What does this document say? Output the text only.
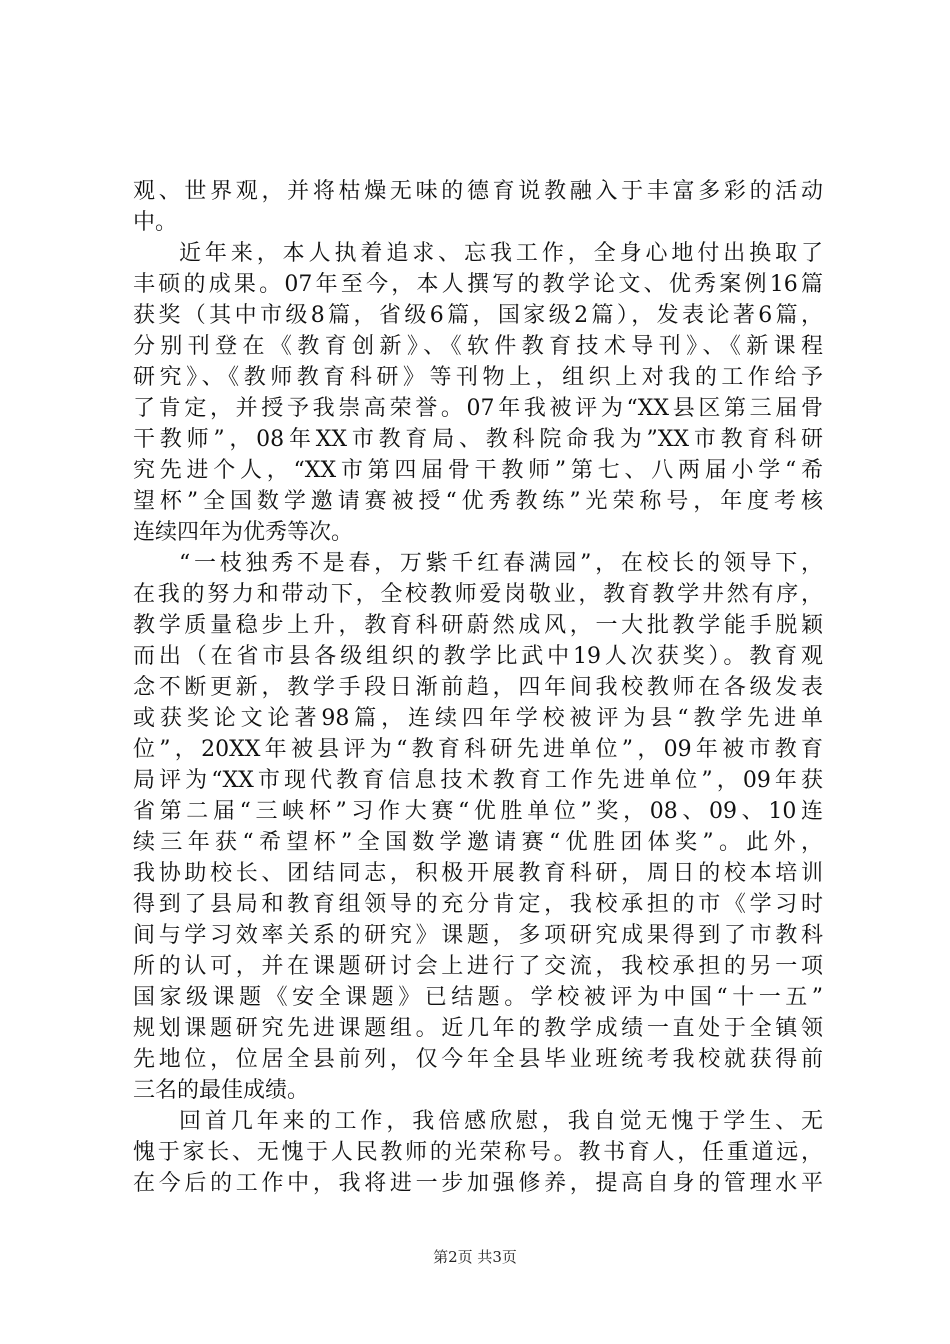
观、世界观，并将枯燥无味的德育说教融入于丰富多彩的活动
中。
近年来，本人执着追求、忘我工作，全身心地付出换取了
丰硕的成果。07年至今，本人撰写的教学论文、优秀案例16篇
获奖（其中市级8篇，省级6篇，国家级2篇），发表论著6篇，
分别刊登在《教育创新》、《软件教育技术导刊》、《新课程
研究》、《教师教育科研》等刊物上，组织上对我的工作给予
了肯定，并授予我崇高荣誉。07年我被评为“XX县区第三届骨
干教师”，08年XX市教育局、教科院命我为”XX市教育科研
究先进个人，“XX市第四届骨干教师”第七、八两届小学“希
望杯”全国数学邀请赛被授“优秀教练”光荣称号，年度考核
连续四年为优秀等次。
“一枝独秀不是春，万紫千红春满园”，在校长的领导下，
在我的努力和带动下，全校教师爱岗敬业，教育教学井然有序，
教学质量稳步上升，教育科研蔚然成风，一大批教学能手脱颖
而出（在省市县各级组织的教学比武中19人次获奖）。教育观
念不断更新，教学手段日渐前趋，四年间我校教师在各级发表
或获奖论文论著98篇，连续四年学校被评为县“教学先进单
位”，20XX年被县评为“教育科研先进单位”，09年被市教育
局评为“XX市现代教育信息技术教育工作先进单位”，09年获
省第二届“三峡杯”习作大赛“优胜单位”奖，08、09、10连
续三年获“希望杯”全国数学邀请赛“优胜团体奖”。此外，
我协助校长、团结同志，积极开展教育科研，周日的校本培训
得到了县局和教育组领导的充分肯定，我校承担的市《学习时
间与学习效率关系的研究》课题，多项研究成果得到了市教科
所的认可，并在课题研讨会上进行了交流，我校承担的另一项
国家级课题《安全课题》已结题。学校被评为中国“十一五”
规划课题研究先进课题组。近几年的教学成绩一直处于全镇领
先地位，位居全县前列，仅今年全县毕业班统考我校就获得前
三名的最佳成绩。
回首几年来的工作，我倍感欣慰，我自觉无愧于学生、无
愧于家长、无愧于人民教师的光荣称号。教书育人，任重道远，
在今后的工作中，我将进一步加强修养，提高自身的管理水平
第2页 共3页
